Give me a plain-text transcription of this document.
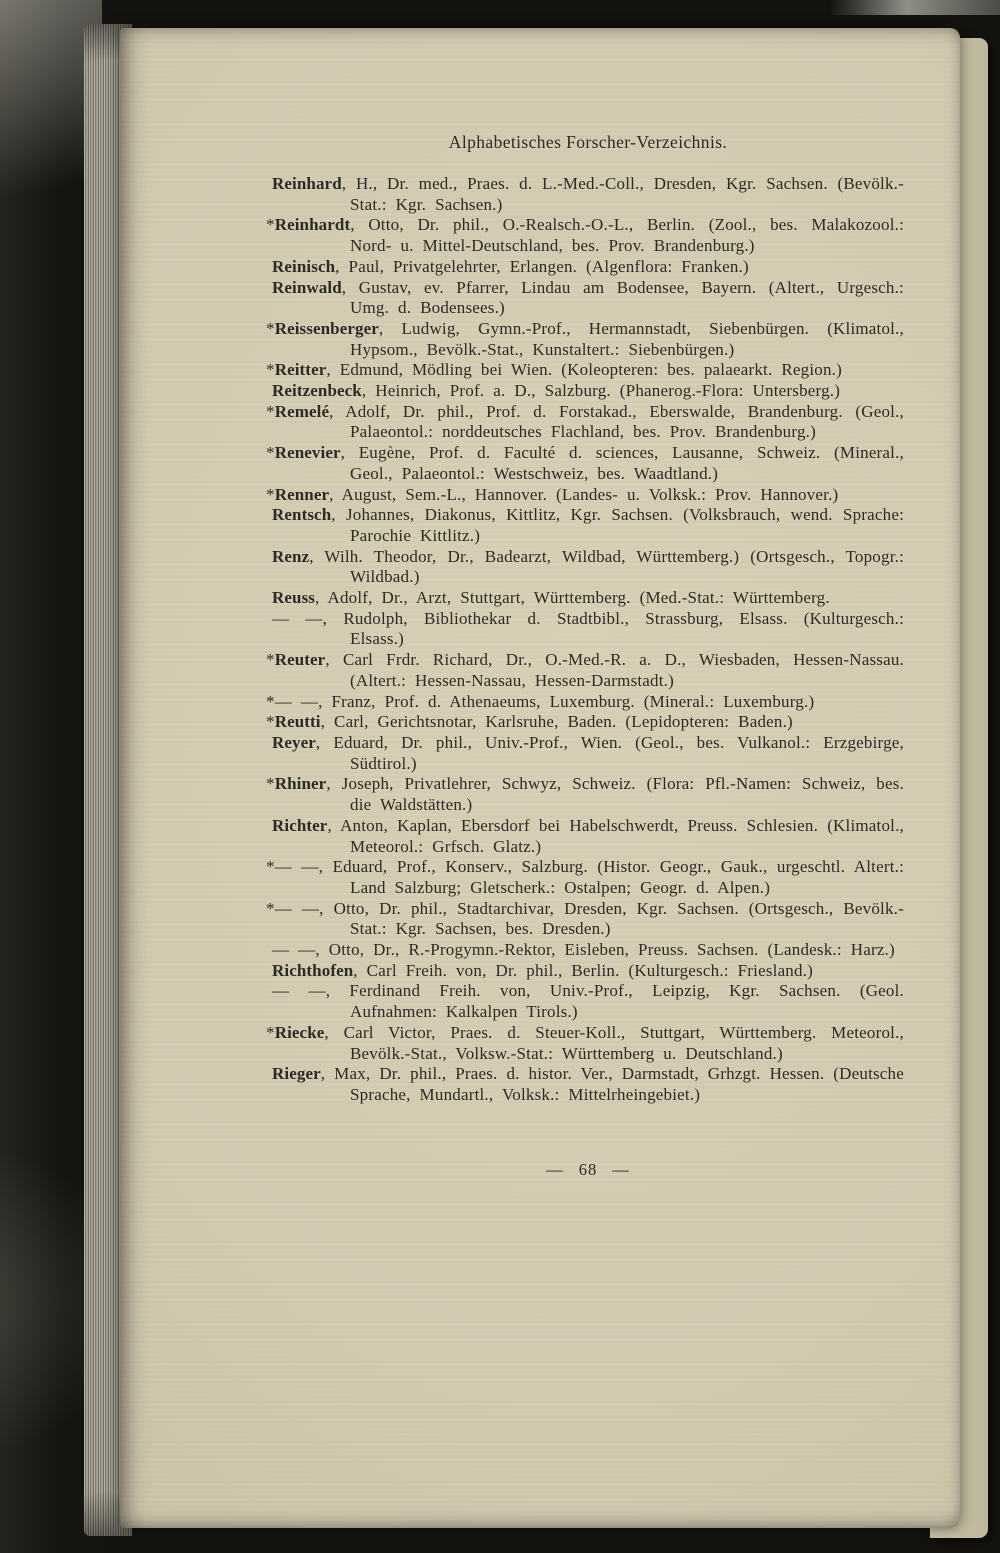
Alphabetisches Forscher-Verzeichnis.

Reinhard, H., Dr. med., Praes. d. L.-Med.-Coll., Dresden, Kgr. Sachsen. (Bevölk.-Stat.: Kgr. Sachsen.)

*Reinhardt, Otto, Dr. phil., O.-Realsch.-O.-L., Berlin. (Zool., bes. Malakozool.: Nord- u. Mittel-Deutschland, bes. Prov. Brandenburg.)

Reinisch, Paul, Privatgelehrter, Erlangen. (Algenflora: Franken.)

Reinwald, Gustav, ev. Pfarrer, Lindau am Bodensee, Bayern. (Altert., Urgesch.: Umg. d. Bodensees.)

*Reissenberger, Ludwig, Gymn.-Prof., Hermannstadt, Siebenbürgen. (Klimatol., Hypsom., Bevölk.-Stat., Kunstaltert.: Siebenbürgen.)

*Reitter, Edmund, Mödling bei Wien. (Koleopteren: bes. palaearkt. Region.)

Reitzenbeck, Heinrich, Prof. a. D., Salzburg. (Phanerog.-Flora: Untersberg.)

*Remelé, Adolf, Dr. phil., Prof. d. Forstakad., Eberswalde, Brandenburg. (Geol., Palaeontol.: norddeutsches Flachland, bes. Prov. Brandenburg.)

*Renevier, Eugène, Prof. d. Faculté d. sciences, Lausanne, Schweiz. (Mineral., Geol., Palaeontol.: Westschweiz, bes. Waadtland.)

*Renner, August, Sem.-L., Hannover. (Landes- u. Volksk.: Prov. Hannover.)

Rentsch, Johannes, Diakonus, Kittlitz, Kgr. Sachsen. (Volksbrauch, wend. Sprache: Parochie Kittlitz.)

Renz, Wilh. Theodor, Dr., Badearzt, Wildbad, Württemberg.) (Ortsgesch., Topogr.: Wildbad.)

Reuss, Adolf, Dr., Arzt, Stuttgart, Württemberg. (Med.-Stat.: Württemberg.

— —, Rudolph, Bibliothekar d. Stadtbibl., Strassburg, Elsass. (Kulturgesch.: Elsass.)

*Reuter, Carl Frdr. Richard, Dr., O.-Med.-R. a. D., Wiesbaden, Hessen-Nassau. (Altert.: Hessen-Nassau, Hessen-Darmstadt.)

*— —, Franz, Prof. d. Athenaeums, Luxemburg. (Mineral.: Luxemburg.)

*Reutti, Carl, Gerichtsnotar, Karlsruhe, Baden. (Lepidopteren: Baden.)

Reyer, Eduard, Dr. phil., Univ.-Prof., Wien. (Geol., bes. Vulkanol.: Erzgebirge, Südtirol.)

*Rhiner, Joseph, Privatlehrer, Schwyz, Schweiz. (Flora: Pfl.-Namen: Schweiz, bes. die Waldstätten.)

Richter, Anton, Kaplan, Ebersdorf bei Habelschwerdt, Preuss. Schlesien. (Klimatol., Meteorol.: Grfsch. Glatz.)

*— —, Eduard, Prof., Konserv., Salzburg. (Histor. Geogr., Gauk., urgeschtl. Altert.: Land Salzburg; Gletscherk.: Ostalpen; Geogr. d. Alpen.)

*— —, Otto, Dr. phil., Stadtarchivar, Dresden, Kgr. Sachsen. (Ortsgesch., Bevölk.-Stat.: Kgr. Sachsen, bes. Dresden.)

— —, Otto, Dr., R.-Progymn.-Rektor, Eisleben, Preuss. Sachsen. (Landesk.: Harz.)

Richthofen, Carl Freih. von, Dr. phil., Berlin. (Kulturgesch.: Friesland.)

— —, Ferdinand Freih. von, Univ.-Prof., Leipzig, Kgr. Sachsen. (Geol. Aufnahmen: Kalkalpen Tirols.)

*Riecke, Carl Victor, Praes. d. Steuer-Koll., Stuttgart, Württemberg. Meteorol., Bevölk.-Stat., Volksw.-Stat.: Württemberg u. Deutschland.)

Rieger, Max, Dr. phil., Praes. d. histor. Ver., Darmstadt, Grhzgt. Hessen. (Deutsche Sprache, Mundartl., Volksk.: Mittelrheingebiet.)

— 68 —
